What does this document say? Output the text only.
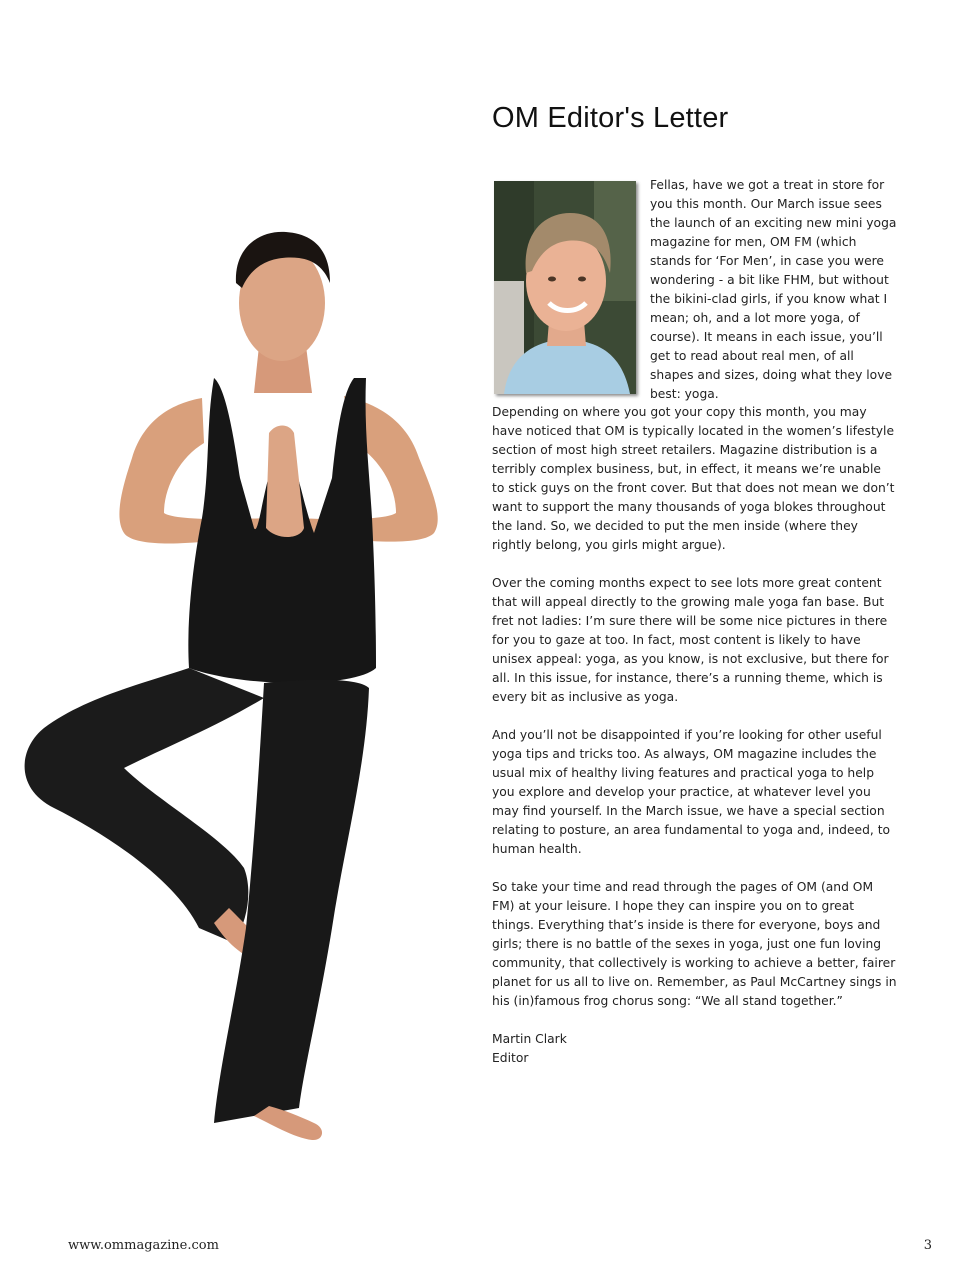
OM Editor's Letter
Fellas, have we got a treat in store for you this month. Our March issue sees the launch of an exciting new mini yoga magazine for men, OM FM (which stands for ‘For Men’, in case you were wondering - a bit like FHM, but without the bikini-clad girls, if you know what I mean; oh, and a lot more yoga, of course). It means in each issue, you’ll get to read about real men, of all shapes and sizes, doing what they love best: yoga.

Depending on where you got your copy this month, you may have noticed that OM is typically located in the women’s lifestyle section of most high street retailers. Magazine distribution is a terribly complex business, but, in effect, it means we’re unable to stick guys on the front cover. But that does not mean we don’t want to support the many thousands of yoga blokes throughout the land. So, we decided to put the men inside (where they rightly belong, you girls might argue).

Over the coming months expect to see lots more great content that will appeal directly to the growing male yoga fan base. But fret not ladies: I’m sure there will be some nice pictures in there for you to gaze at too. In fact, most content is likely to have unisex appeal: yoga, as you know, is not exclusive, but there for all. In this issue, for instance, there’s a running theme, which is every bit as inclusive as yoga.

And you’ll not be disappointed if you’re looking for other useful yoga tips and tricks too. As always, OM magazine includes the usual mix of healthy living features and practical yoga to help you explore and develop your practice, at whatever level you may find yourself. In the March issue, we have a special section relating to posture, an area fundamental to yoga and, indeed, to human health.

So take your time and read through the pages of OM (and OM FM) at your leisure. I hope they can inspire you on to great things. Everything that’s inside is there for everyone, boys and girls; there is no battle of the sexes in yoga, just one fun loving community, that collectively is working to achieve a better, fairer planet for us all to live on. Remember, as Paul McCartney sings in his (in)famous frog chorus song: “We all stand together.”

Martin Clark

Editor

www.ommagazine.com	3
